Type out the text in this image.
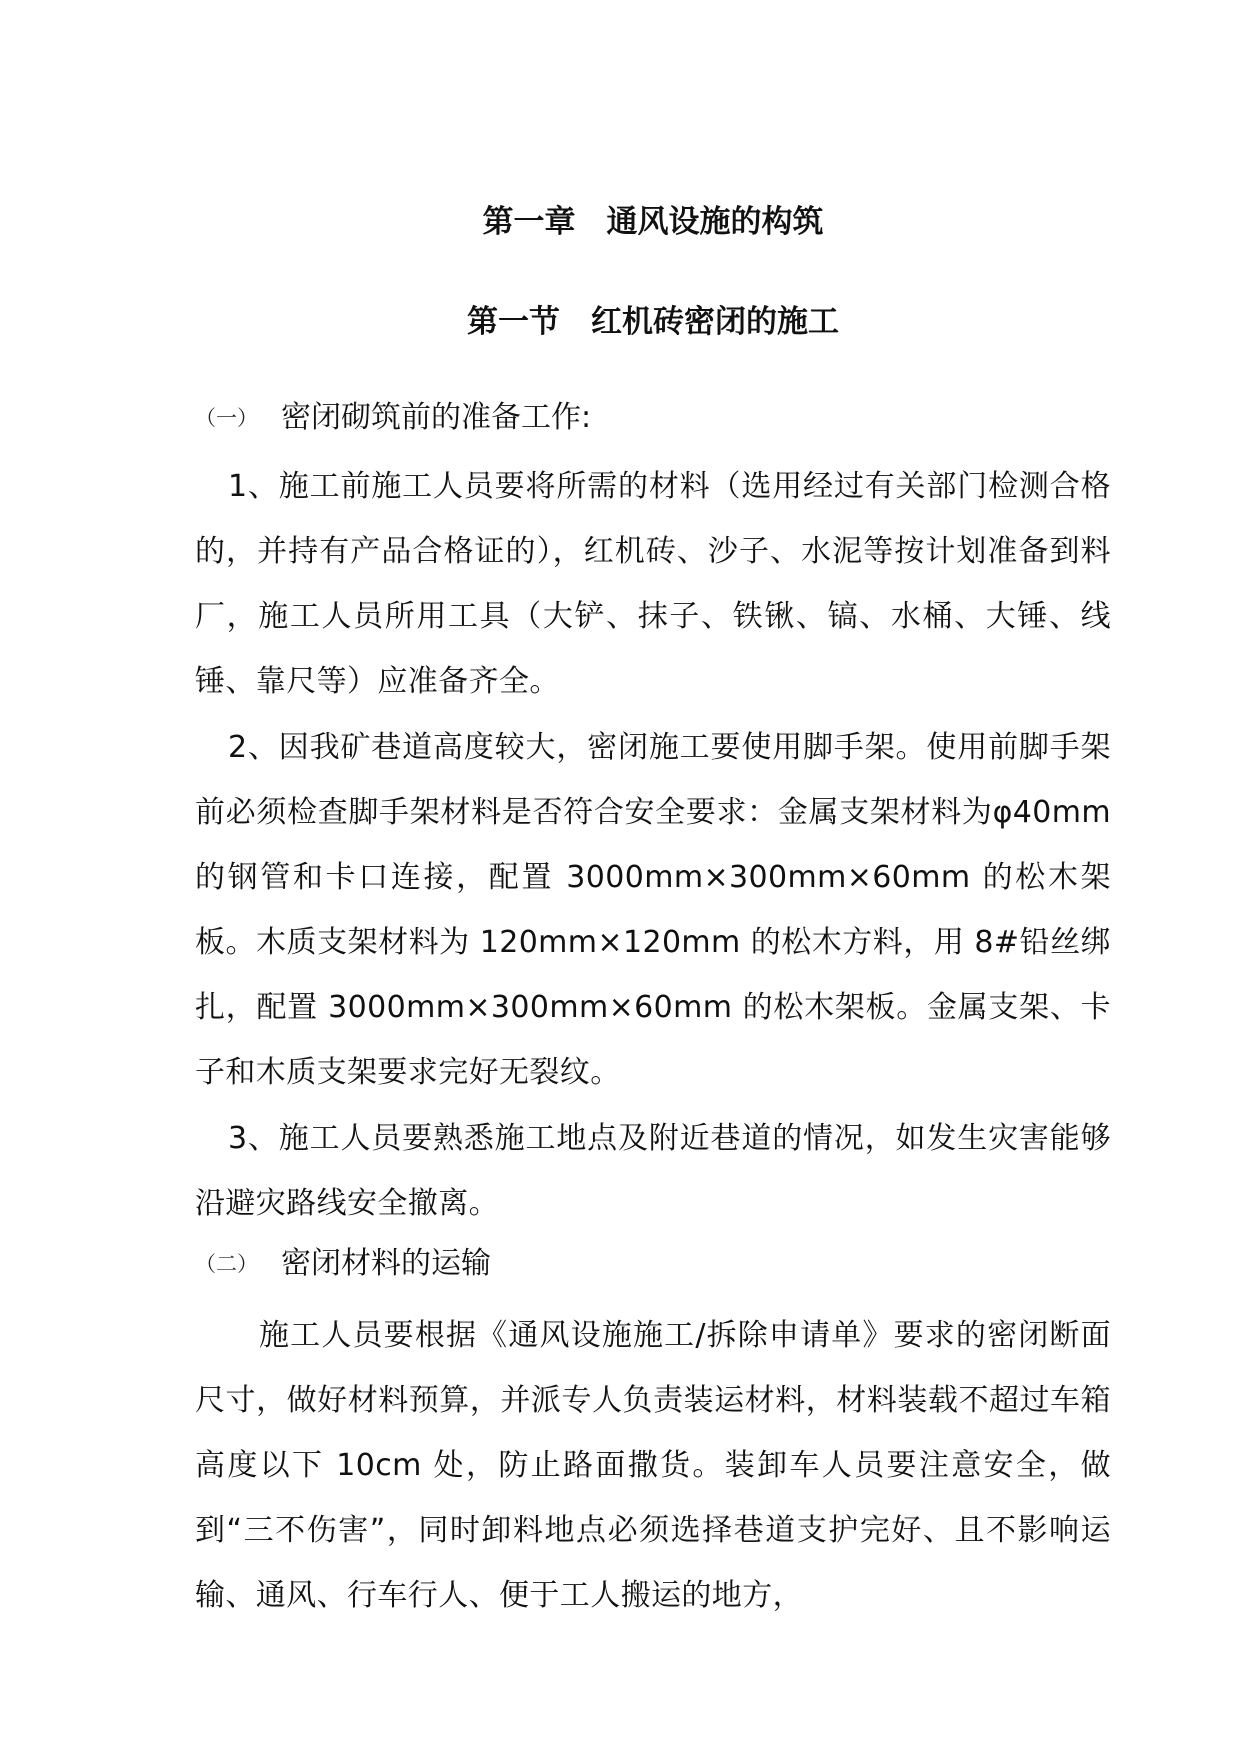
第一章　通风设施的构筑
第一节　红机砖密闭的施工
（一） 密闭砌筑前的准备工作:

1、施工前施工人员要将所需的材料（选用经过有关部门检测合格的，并持有产品合格证的），红机砖、沙子、水泥等按计划准备到料厂，施工人员所用工具（大铲、抹子、铁锹、镐、水桶、大锤、线锤、靠尺等）应准备齐全。

2、因我矿巷道高度较大，密闭施工要使用脚手架。使用前脚手架前必须检查脚手架材料是否符合安全要求：金属支架材料为φ40mm 的钢管和卡口连接，配置 3000mm×300mm×60mm 的松木架板。木质支架材料为 120mm×120mm 的松木方料，用 8#铅丝绑扎，配置 3000mm×300mm×60mm 的松木架板。金属支架、卡子和木质支架要求完好无裂纹。

3、施工人员要熟悉施工地点及附近巷道的情况，如发生灾害能够沿避灾路线安全撤离。

（二） 密闭材料的运输

施工人员要根据《通风设施施工/拆除申请单》要求的密闭断面尺寸，做好材料预算，并派专人负责装运材料，材料装载不超过车箱高度以下 10cm 处，防止路面撒货。装卸车人员要注意安全，做到“三不伤害”，同时卸料地点必须选择巷道支护完好、且不影响运输、通风、行车行人、便于工人搬运的地方，
